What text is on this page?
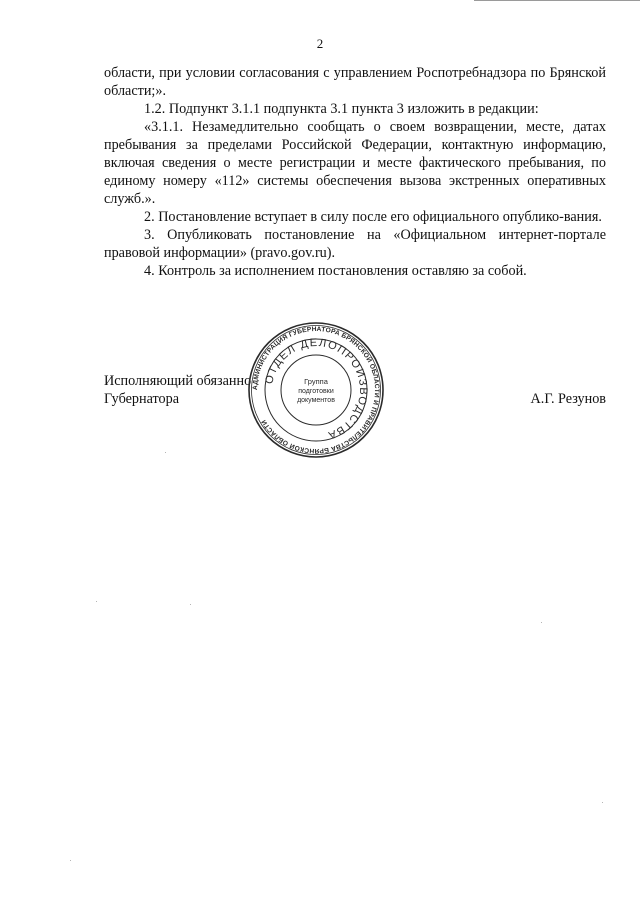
2

области, при условии согласования с управлением Роспотребнадзора по Брянской области;».

1.2. Подпункт 3.1.1 подпункта 3.1 пункта 3 изложить в редакции:

«3.1.1. Незамедлительно сообщать о своем возвращении, месте, датах пребывания за пределами Российской Федерации, контактную информацию, включая сведения о месте регистрации и месте фактического пребывания, по единому номеру «112» системы обеспечения вызова экстренных оперативных служб.».

2. Постановление вступает в силу после его официального опублико-вания.

3. Опубликовать постановление на «Официальном интернет-портале правовой информации» (pravo.gov.ru).

4. Контроль за исполнением постановления оставляю за собой.

Исполняющий обязанно
Губернатора	А.Г. Резунов
АДМИНИСТРАЦИЯ ГУБЕРНАТОРА БРЯНСКОЙ ОБЛАСТИ И ПРАВИТЕЛЬСТВА БРЯНСКОЙ ОБЛАСТИ
ОТДЕЛ ДЕЛОПРОИЗВОДСТВА
Группа
подготовки
документов
